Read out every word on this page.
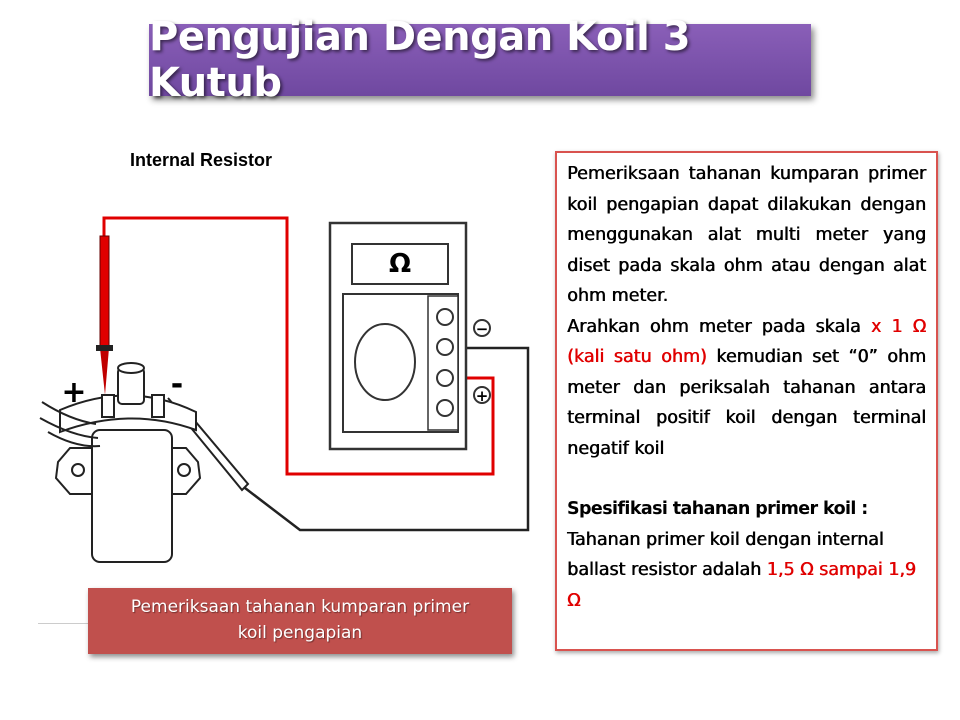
Pengujian Dengan Koil 3 Kutub
Internal Resistor
Ω
−
+
+	-
Pemeriksaan tahanan kumparan primer
koil pengapian

Pemeriksaan tahanan kumparan primer koil pengapian dapat dilakukan dengan menggunakan alat multi meter yang diset pada skala ohm atau dengan alat ohm meter.

Arahkan ohm meter pada skala x 1 Ω (kali satu ohm) kemudian set “0” ohm meter dan periksalah tahanan antara terminal positif koil dengan terminal negatif koil

Spesifikasi tahanan primer koil :

Tahanan primer koil dengan internal ballast resistor adalah 1,5 Ω sampai 1,9 Ω
